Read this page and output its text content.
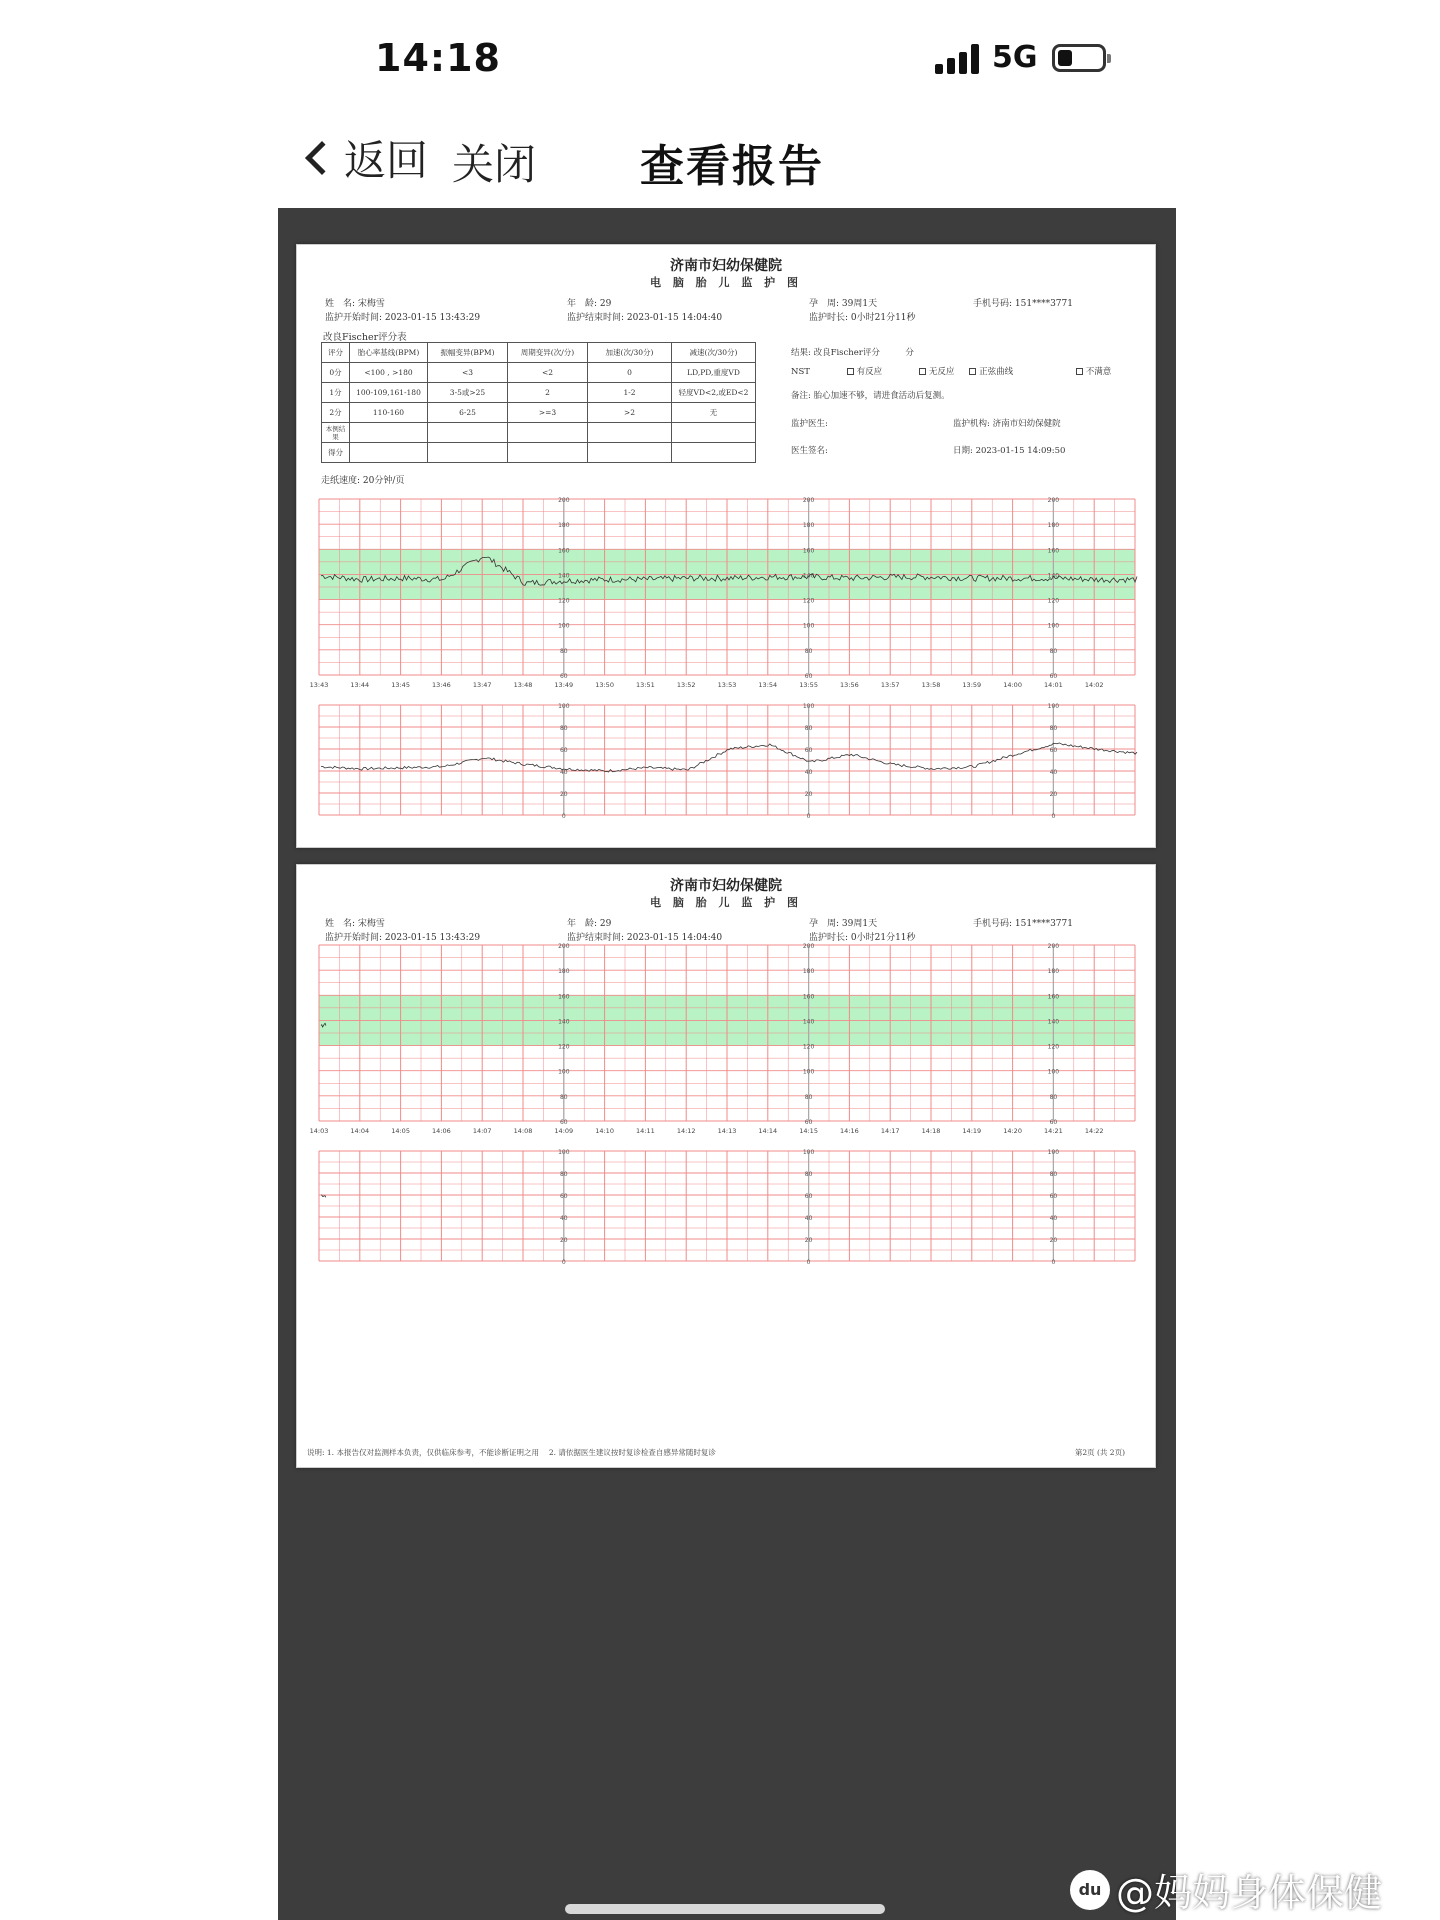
14:18	5G
返回 关闭 查看报告
济南市妇幼保健院
电 脑 胎 儿 监 护 图
姓　名: 宋梅雪	年　龄: 29	孕　周: 39周1天	手机号码: 151****3771
监护开始时间: 2023-01-15 13:43:29	监护结束时间: 2023-01-15 14:04:40	监护时长: 0小时21分11秒
改良Fischer评分表
评分	胎心率基线(BPM)	振幅变异(BPM)	周期变异(次/分)	加速(次/30分)	减速(次/30分)
0分	<100 , >180	<3	<2	0	LD,PD,重度VD
1分	100-109,161-180	3-5或>25	2	1-2	轻度VD<2,或ED<2
2分	110-160	6-25	>=3	>2	无
本例结果					
得分					
走纸速度: 20分钟/页
结果: 改良Fischer评分　　　分
NST	有反应	无反应	正弦曲线	不满意
备注: 胎心加速不够，请进食活动后复测。
监护医生:	监护机构: 济南市妇幼保健院
医生签名:	日期: 2023-01-15 14:09:50
200
180
160
140
120
100
80
60
200
180
160
140
120
100
80
60
200
180
160
140
120
100
80
60
13:43	13:44	13:45	13:46	13:47	13:48	13:49	13:50	13:51	13:52	13:53	13:54	13:55	13:56	13:57	13:58	13:59	14:00	14:01	14:02
100
80
60
40
20
0
100
80
60
40
20
0
100
80
60
40
20
0
济南市妇幼保健院
电 脑 胎 儿 监 护 图
姓　名: 宋梅雪	年　龄: 29	孕　周: 39周1天	手机号码: 151****3771
监护开始时间: 2023-01-15 13:43:29	监护结束时间: 2023-01-15 14:04:40	监护时长: 0小时21分11秒
200
180
160
140
120
100
80
60
200
180
160
140
120
100
80
60
200
180
160
140
120
100
80
60
14:03	14:04	14:05	14:06	14:07	14:08	14:09	14:10	14:11	14:12	14:13	14:14	14:15	14:16	14:17	14:18	14:19	14:20	14:21	14:22
100
80
60
40
20
0
100
80
60
40
20
0
100
80
60
40
20
0
说明: 1. 本报告仅对监测样本负责，仅供临床参考，不能诊断证明之用　 2. 请依据医生建议按时复诊检查自感异常随时复诊	第2页 (共 2页)
du @妈妈身体保健
